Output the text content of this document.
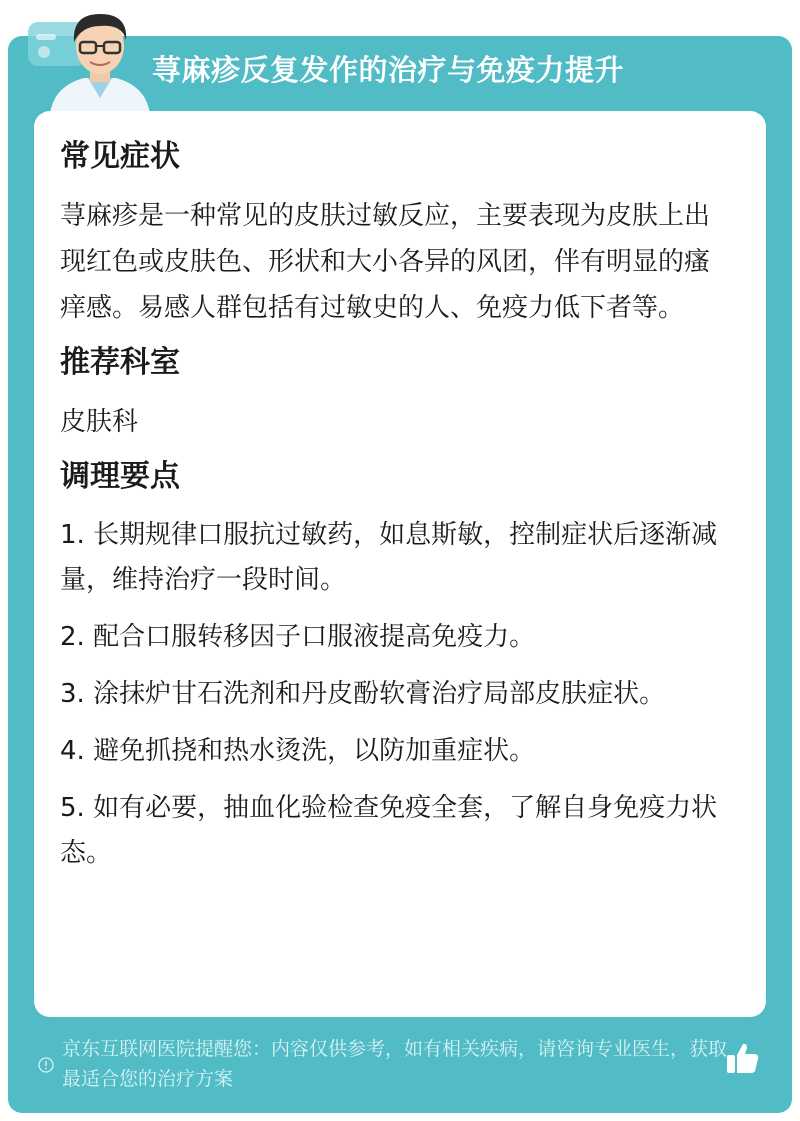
荨麻疹反复发作的治疗与免疫力提升
常见症状

荨麻疹是一种常见的皮肤过敏反应，主要表现为皮肤上出现红色或皮肤色、形状和大小各异的风团，伴有明显的瘙痒感。易感人群包括有过敏史的人、免疫力低下者等。

推荐科室

皮肤科

调理要点

1. 长期规律口服抗过敏药，如息斯敏，控制症状后逐渐减量，维持治疗一段时间。

2. 配合口服转移因子口服液提高免疫力。

3. 涂抹炉甘石洗剂和丹皮酚软膏治疗局部皮肤症状。

4. 避免抓挠和热水烫洗，以防加重症状。

5. 如有必要，抽血化验检查免疫全套，了解自身免疫力状态。

京东互联网医院提醒您：内容仅供参考，如有相关疾病，请咨询专业医生，获取最适合您的治疗方案
